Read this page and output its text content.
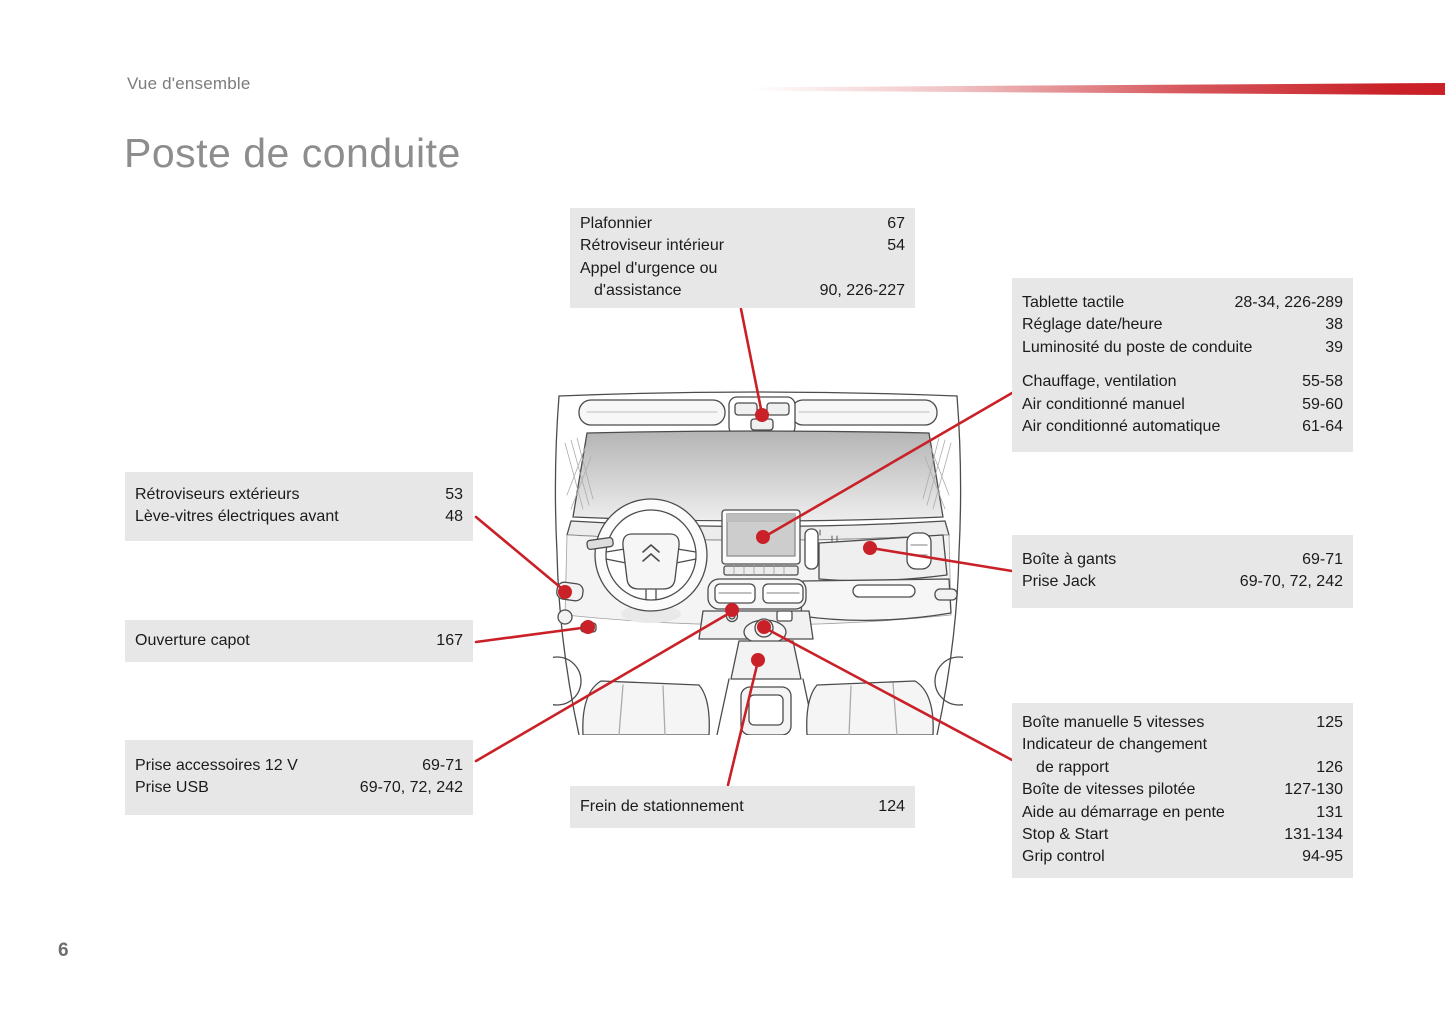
Vue d'ensemble
Poste de conduite
6
Plafonnier	67
Rétroviseur intérieur	54
Appel d'urgence ou
d'assistance	90, 226-227
Tablette tactile	28-34, 226-289
Réglage date/heure	38
Luminosité du poste de conduite	39
Chauffage, ventilation	55-58
Air conditionné manuel	59-60
Air conditionné automatique	61-64
Rétroviseurs extérieurs	53
Lève-vitres électriques avant	48
Ouverture capot	167
Prise accessoires 12 V	69-71
Prise USB	69-70, 72, 242
Frein de stationnement	124
Boîte à gants	69-71
Prise Jack	69-70, 72, 242
Boîte manuelle 5 vitesses	125
Indicateur de changement
de rapport	126
Boîte de vitesses pilotée	127-130
Aide au démarrage en pente	131
Stop & Start	131-134
Grip control	94-95
